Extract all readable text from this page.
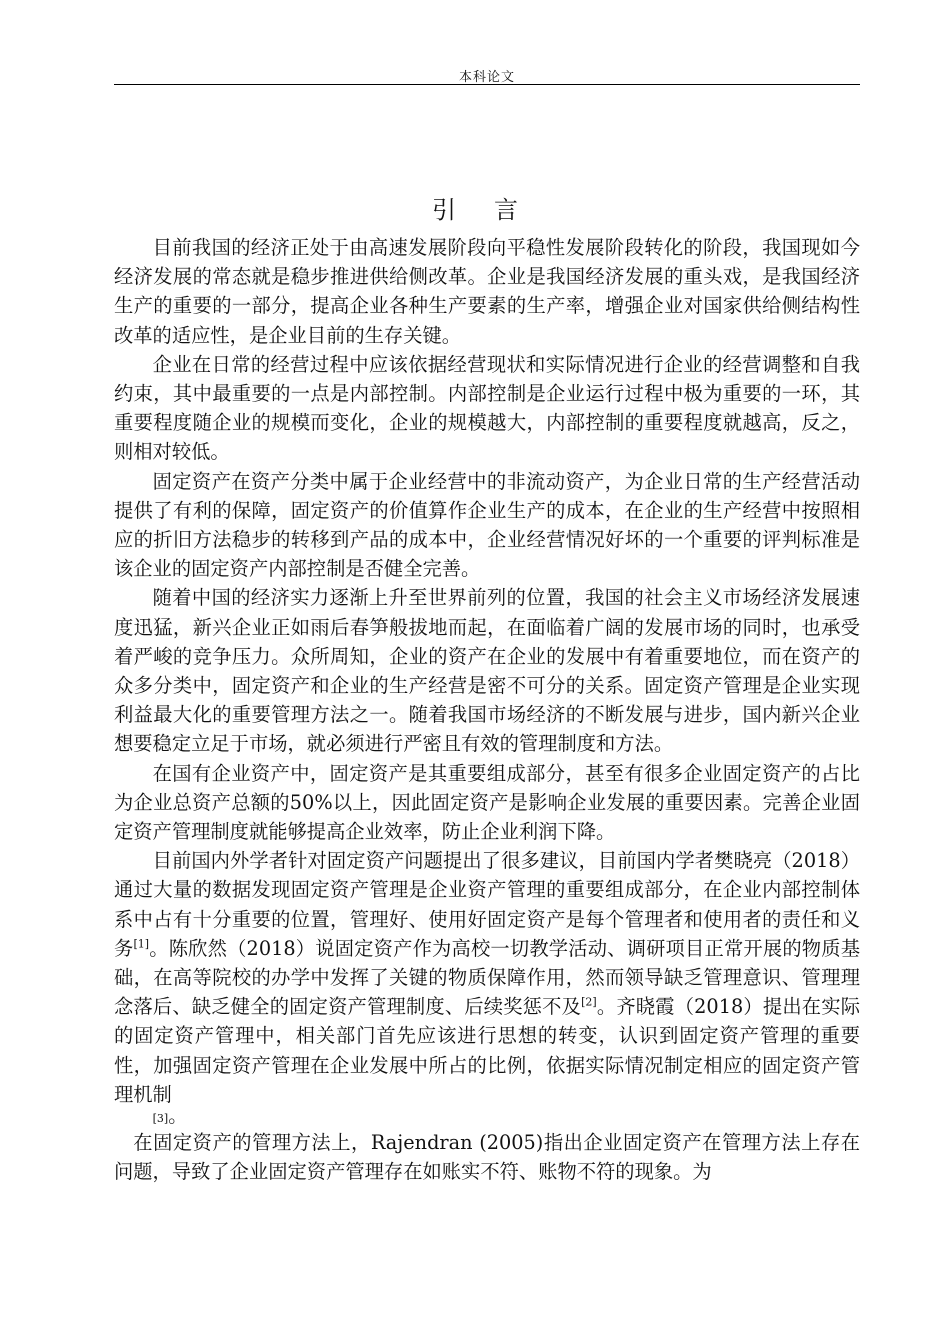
本科论文
引言

目前我国的经济正处于由高速发展阶段向平稳性发展阶段转化的阶段，我国现如今经济发展的常态就是稳步推进供给侧改革。企业是我国经济发展的重头戏，是我国经济生产的重要的一部分，提高企业各种生产要素的生产率，增强企业对国家供给侧结构性改革的适应性，是企业目前的生存关键。

企业在日常的经营过程中应该依据经营现状和实际情况进行企业的经营调整和自我约束，其中最重要的一点是内部控制。内部控制是企业运行过程中极为重要的一环，其重要程度随企业的规模而变化，企业的规模越大，内部控制的重要程度就越高，反之，则相对较低。

固定资产在资产分类中属于企业经营中的非流动资产，为企业日常的生产经营活动提供了有利的保障，固定资产的价值算作企业生产的成本，在企业的生产经营中按照相应的折旧方法稳步的转移到产品的成本中，企业经营情况好坏的一个重要的评判标准是该企业的固定资产内部控制是否健全完善。

随着中国的经济实力逐渐上升至世界前列的位置，我国的社会主义市场经济发展速度迅猛，新兴企业正如雨后春笋般拔地而起，在面临着广阔的发展市场的同时，也承受着严峻的竞争压力。众所周知，企业的资产在企业的发展中有着重要地位，而在资产的众多分类中，固定资产和企业的生产经营是密不可分的关系。固定资产管理是企业实现利益最大化的重要管理方法之一。随着我国市场经济的不断发展与进步，国内新兴企业想要稳定立足于市场，就必须进行严密且有效的管理制度和方法。

在国有企业资产中，固定资产是其重要组成部分，甚至有很多企业固定资产的占比为企业总资产总额的50%以上，因此固定资产是影响企业发展的重要因素。完善企业固定资产管理制度就能够提高企业效率，防止企业利润下降。

目前国内外学者针对固定资产问题提出了很多建议，目前国内学者樊晓亮（2018）通过大量的数据发现固定资产管理是企业资产管理的重要组成部分，在企业内部控制体系中占有十分重要的位置，管理好、使用好固定资产是每个管理者和使用者的责任和义务[1]。陈欣然（2018）说固定资产作为高校一切教学活动、调研项目正常开展的物质基础，在高等院校的办学中发挥了关键的物质保障作用，然而领导缺乏管理意识、管理理念落后、缺乏健全的固定资产管理制度、后续奖惩不及[2]。齐晓霞（2018）提出在实际的固定资产管理中，相关部门首先应该进行思想的转变，认识到固定资产管理的重要性，加强固定资产管理在企业发展中所占的比例，依据实际情况制定相应的固定资产管理机制
[3]。

在固定资产的管理方法上，Rajendran (2005)指出企业固定资产在管理方法上存在问题，导致了企业固定资产管理存在如账实不符、账物不符的现象。为
